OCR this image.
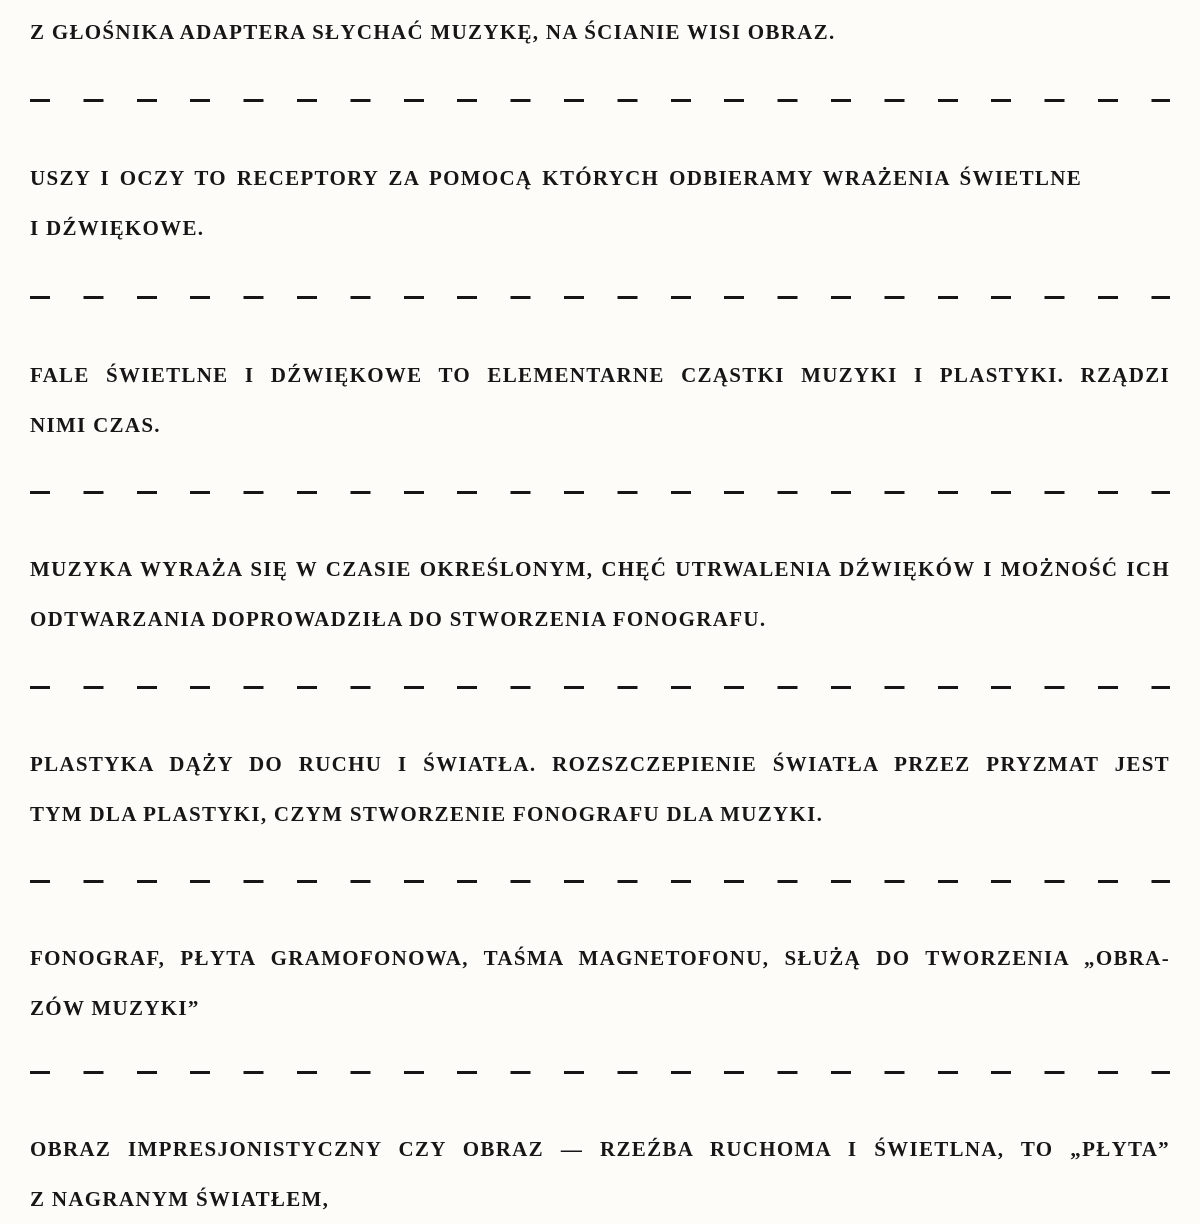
Z GŁOŚNIKA ADAPTERA SŁYCHAĆ MUZYKĘ, NA ŚCIANIE WISI OBRAZ.
USZY I OCZY TO RECEPTORY ZA POMOCĄ KTÓRYCH ODBIERAMY WRAŻENIA ŚWIETLNE
I DŹWIĘKOWE.
FALE ŚWIETLNE I DŹWIĘKOWE TO ELEMENTARNE CZĄSTKI MUZYKI I PLASTYKI. RZĄDZI
NIMI CZAS.
MUZYKA WYRAŻA SIĘ W CZASIE OKREŚLONYM, CHĘĆ UTRWALENIA DŹWIĘKÓW I MOŻNOŚĆ ICH
ODTWARZANIA DOPROWADZIŁA DO STWORZENIA FONOGRAFU.
PLASTYKA DĄŻY DO RUCHU I ŚWIATŁA. ROZSZCZEPIENIE ŚWIATŁA PRZEZ PRYZMAT JEST
TYM DLA PLASTYKI, CZYM STWORZENIE FONOGRAFU DLA MUZYKI.
FONOGRAF, PŁYTA GRAMOFONOWA, TAŚMA MAGNETOFONU, SŁUŻĄ DO TWORZENIA „OBRA-
ZÓW MUZYKI”
OBRAZ IMPRESJONISTYCZNY CZY OBRAZ — RZEŹBA RUCHOMA I ŚWIETLNA, TO „PŁYTA”
Z NAGRANYM ŚWIATŁEM,
